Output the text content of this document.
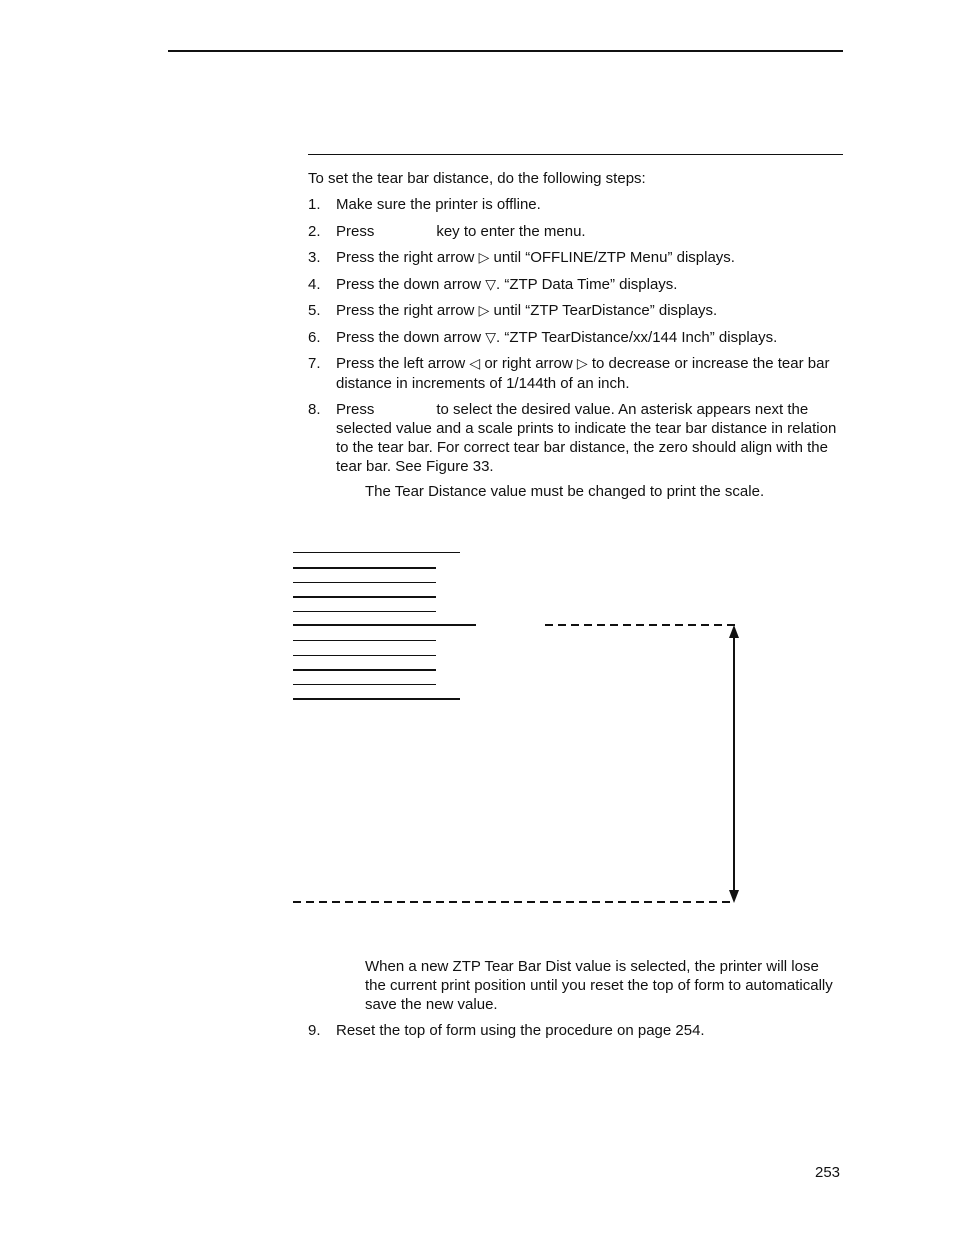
To set the tear bar distance, do the following steps:
1. Make sure the printer is offline.
2. Press	key to enter the menu.
3. Press the right arrow ▷ until “OFFLINE/ZTP Menu” displays.
4. Press the down arrow ▽. “ZTP Data Time” displays.
5. Press the right arrow ▷ until “ZTP TearDistance” displays.
6. Press the down arrow ▽. “ZTP TearDistance/xx/144 Inch” displays.
7. Press the left arrow ◁ or right arrow ▷ to decrease or increase the tear bar distance in increments of 1/144th of an inch.
8. Press	to select the desired value. An asterisk appears next the selected value and a scale prints to indicate the tear bar distance in relation to the tear bar. For correct tear bar distance, the zero should align with the tear bar. See Figure 33.
The Tear Distance value must be changed to print the scale.
When a new ZTP Tear Bar Dist value is selected, the printer will lose the current print position until you reset the top of form to automatically save the new value.
9. Reset the top of form using the procedure on page 254.
253
